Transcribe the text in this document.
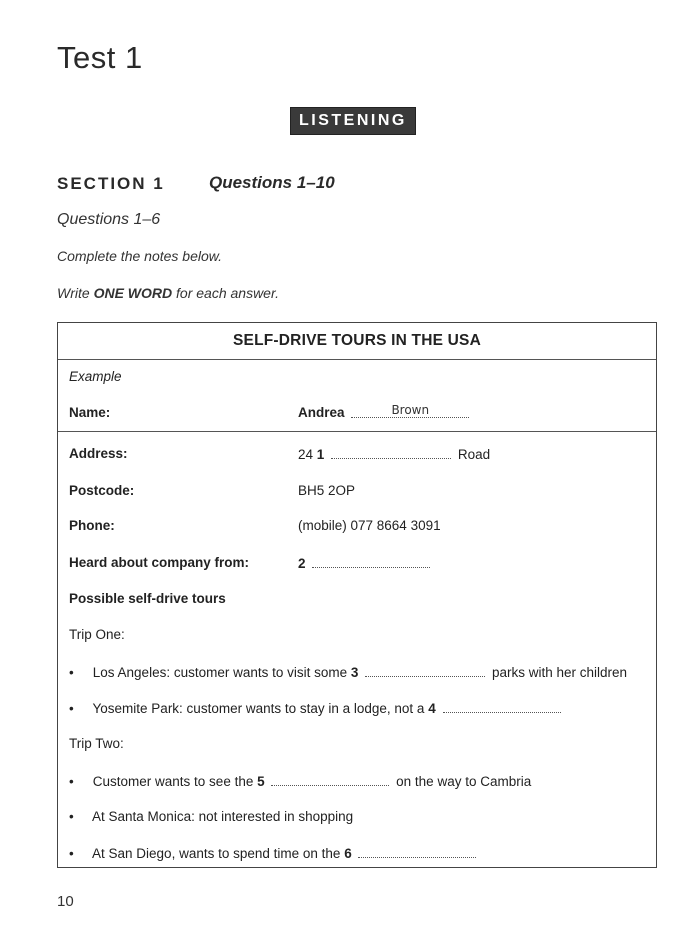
Test 1
LISTENING
SECTION 1	Questions 1–10
Questions 1–6
Complete the notes below.
Write ONE WORD for each answer.
SELF-DRIVE TOURS IN THE USA
Example
Name:	Andrea	Brown
Address:	24 1	Road
Postcode:	BH5 2OP
Phone:	(mobile) 077 8664 3091
Heard about company from:	2
Possible self-drive tours
Trip One:
• Los Angeles: customer wants to visit some 3	parks with her children
• Yosemite Park: customer wants to stay in a lodge, not a 4
Trip Two:
• Customer wants to see the 5	on the way to Cambria
• At Santa Monica: not interested in shopping
• At San Diego, wants to spend time on the 6
10
